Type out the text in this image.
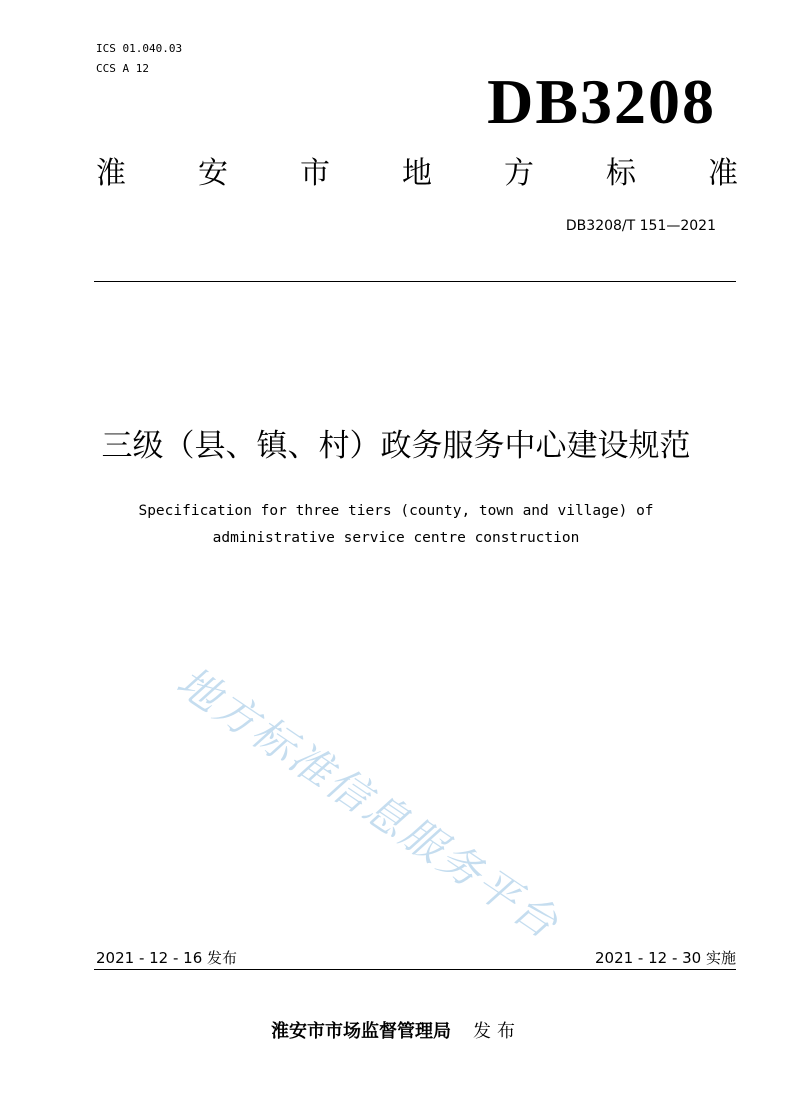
ICS 01.040.03
CCS A 12	DB3208
淮 安 市 地 方 标 准
DB3208/T 151—2021
三级（县、镇、村）政务服务中心建设规范
Specification for three tiers (county, town and village) of
administrative service centre construction
地方标准信息服务平台
2021 - 12 - 16 发布	2021 - 12 - 30 实施
淮安市市场监督管理局 发布
